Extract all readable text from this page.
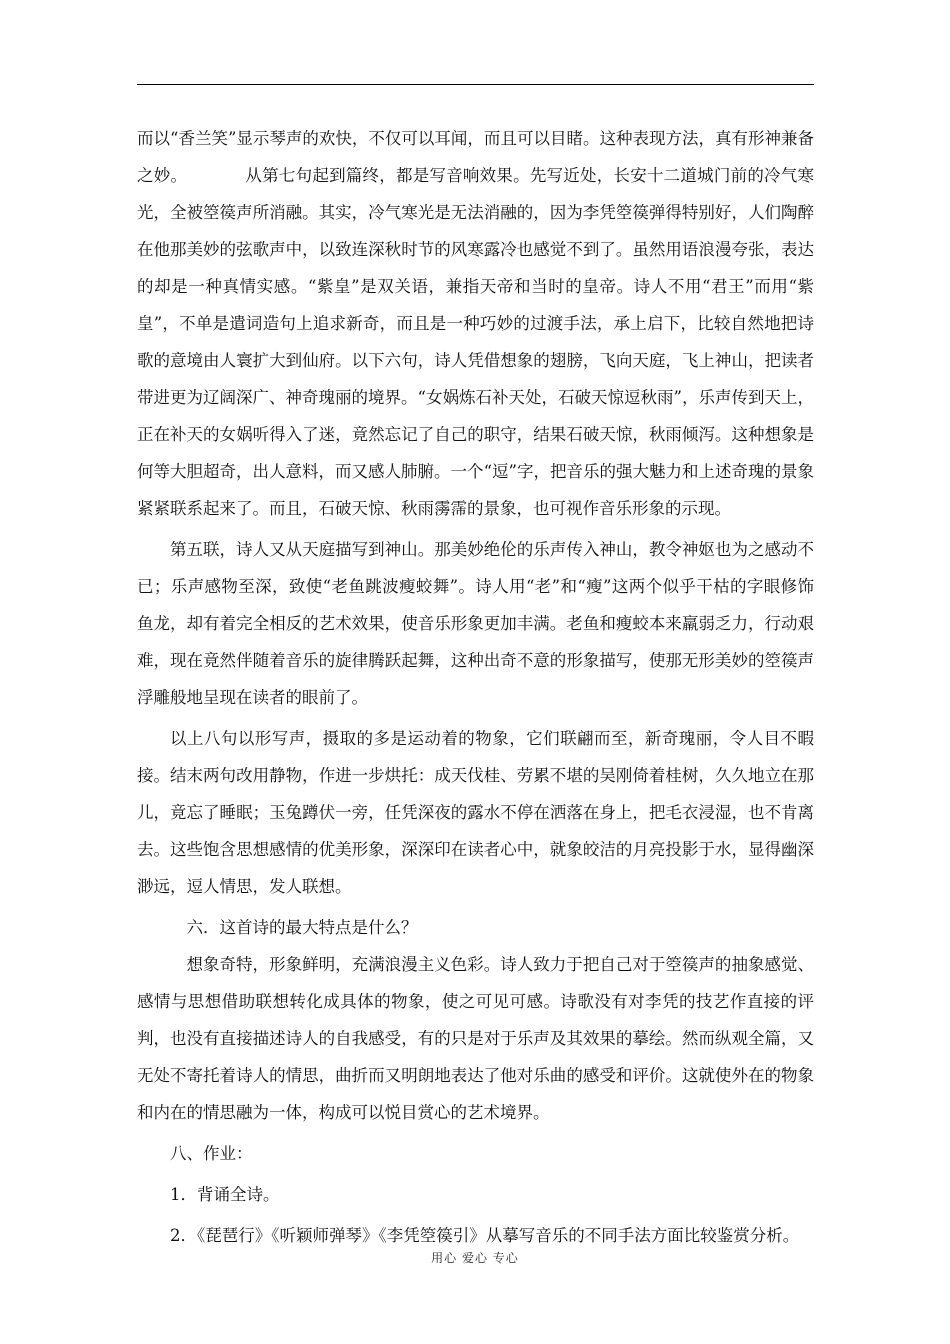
而以“香兰笑”显示琴声的欢快，不仅可以耳闻，而且可以目睹。这种表现方法，真有形神兼备之妙。	从第七句起到篇终，都是写音响效果。先写近处，长安十二道城门前的冷气寒光，全被箜篌声所消融。其实，冷气寒光是无法消融的，因为李凭箜篌弹得特别好，人们陶醉在他那美妙的弦歌声中，以致连深秋时节的风寒露冷也感觉不到了。虽然用语浪漫夸张，表达的却是一种真情实感。“紫皇”是双关语，兼指天帝和当时的皇帝。诗人不用“君王”而用“紫皇”，不单是遣词造句上追求新奇，而且是一种巧妙的过渡手法，承上启下，比较自然地把诗歌的意境由人寰扩大到仙府。以下六句，诗人凭借想象的翅膀，飞向天庭，飞上神山，把读者带进更为辽阔深广、神奇瑰丽的境界。“女娲炼石补天处，石破天惊逗秋雨”，乐声传到天上，正在补天的女娲听得入了迷，竟然忘记了自己的职守，结果石破天惊，秋雨倾泻。这种想象是何等大胆超奇，出人意料，而又感人肺腑。一个“逗”字，把音乐的强大魅力和上述奇瑰的景象紧紧联系起来了。而且，石破天惊、秋雨霶霈的景象，也可视作音乐形象的示现。

第五联，诗人又从天庭描写到神山。那美妙绝伦的乐声传入神山，教令神妪也为之感动不已；乐声感物至深，致使“老鱼跳波瘦蛟舞”。诗人用“老”和“瘦”这两个似乎干枯的字眼修饰鱼龙，却有着完全相反的艺术效果，使音乐形象更加丰满。老鱼和瘦蛟本来羸弱乏力，行动艰难，现在竟然伴随着音乐的旋律腾跃起舞，这种出奇不意的形象描写，使那无形美妙的箜篌声浮雕般地呈现在读者的眼前了。

以上八句以形写声，摄取的多是运动着的物象，它们联翩而至，新奇瑰丽，令人目不暇接。结末两句改用静物，作进一步烘托：成天伐桂、劳累不堪的吴刚倚着桂树，久久地立在那儿，竟忘了睡眠；玉兔蹲伏一旁，任凭深夜的露水不停在洒落在身上，把毛衣浸湿，也不肯离去。这些饱含思想感情的优美形象，深深印在读者心中，就象皎洁的月亮投影于水，显得幽深渺远，逗人情思，发人联想。

六．这首诗的最大特点是什么？

想象奇特，形象鲜明，充满浪漫主义色彩。诗人致力于把自己对于箜篌声的抽象感觉、感情与思想借助联想转化成具体的物象，使之可见可感。诗歌没有对李凭的技艺作直接的评判，也没有直接描述诗人的自我感受，有的只是对于乐声及其效果的摹绘。然而纵观全篇，又无处不寄托着诗人的情思，曲折而又明朗地表达了他对乐曲的感受和评价。这就使外在的物象和内在的情思融为一体，构成可以悦目赏心的艺术境界。

八、作业：

1．背诵全诗。

2．《琵琶行》《听颖师弹琴》《李凭箜篌引》从摹写音乐的不同手法方面比较鉴赏分析。

用心 爱心 专心
